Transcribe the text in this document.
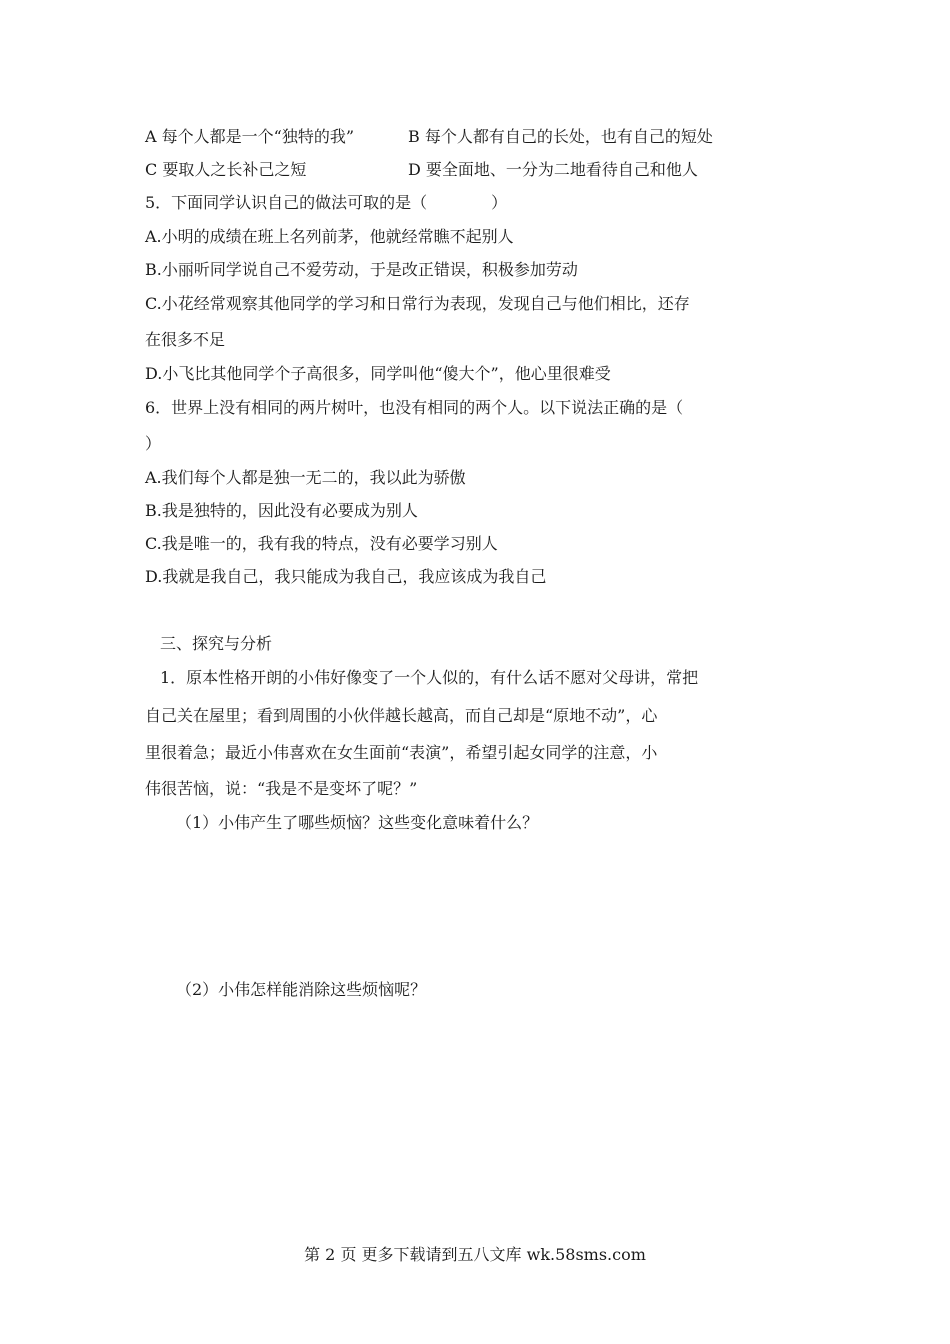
A 每个人都是一个“独特的我”	B 每个人都有自己的长处，也有自己的短处
C 要取人之长补己之短	D 要全面地、一分为二地看待自己和他人
5．下面同学认识自己的做法可取的是（　　　　）
A.小明的成绩在班上名列前茅，他就经常瞧不起别人
B.小丽听同学说自己不爱劳动，于是改正错误，积极参加劳动
C.小花经常观察其他同学的学习和日常行为表现，发现自己与他们相比，还存
在很多不足
D.小飞比其他同学个子高很多，同学叫他“傻大个”，他心里很难受
6．世界上没有相同的两片树叶，也没有相同的两个人。以下说法正确的是（
）
A.我们每个人都是独一无二的，我以此为骄傲
B.我是独特的，因此没有必要成为别人
C.我是唯一的，我有我的特点，没有必要学习别人
D.我就是我自己，我只能成为我自己，我应该成为我自己
三、探究与分析
1．原本性格开朗的小伟好像变了一个人似的，有什么话不愿对父母讲，常把
自己关在屋里；看到周围的小伙伴越长越高，而自己却是“原地不动”，心
里很着急；最近小伟喜欢在女生面前“表演”，希望引起女同学的注意，小
伟很苦恼，说：“我是不是变坏了呢？”
（1）小伟产生了哪些烦恼？这些变化意味着什么？
（2）小伟怎样能消除这些烦恼呢？
第 2 页 更多下载请到五八文库 wk.58sms.com
